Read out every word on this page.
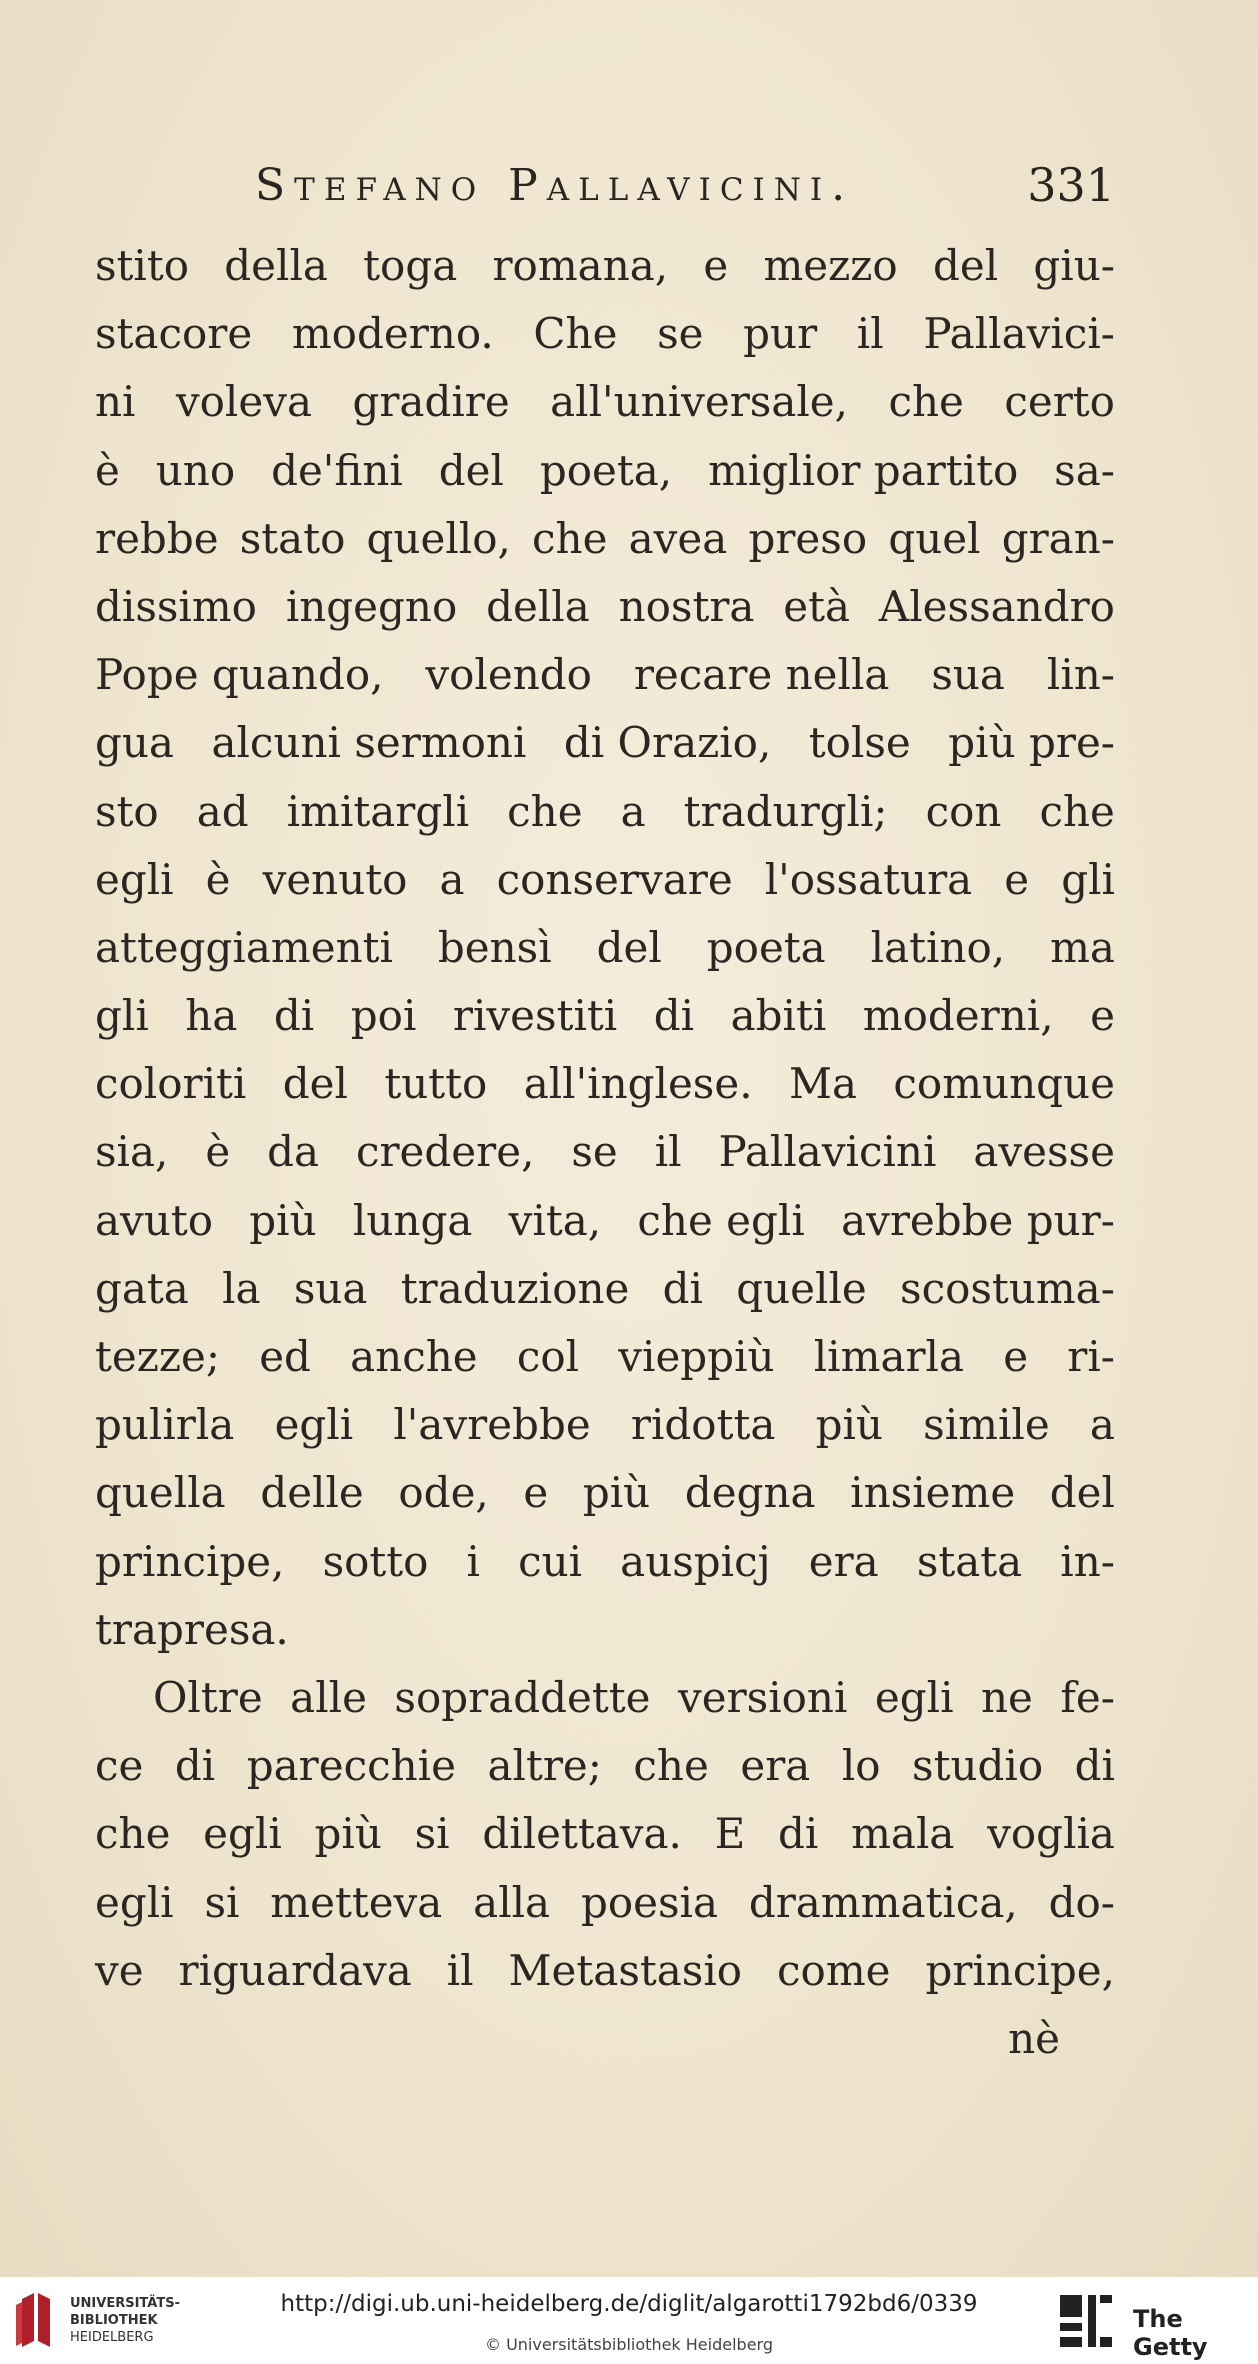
Stefano Pallavicini.	331
stito della toga romana, e mezzo del giu-
stacore moderno. Che se pur il Pallavici-
ni voleva gradire all'universale, che certo
è uno de'fini del poeta, miglior partito sa-
rebbe stato quello, che avea preso quel gran-
dissimo ingegno della nostra età Alessandro
Pope quando, volendo recare nella sua lin-
gua alcuni sermoni di Orazio, tolse più pre-
sto ad imitargli che a tradurgli; con che
egli è venuto a conservare l'ossatura e gli
atteggiamenti bensì del poeta latino, ma
gli ha di poi rivestiti di abiti moderni, e
coloriti del tutto all'inglese. Ma comunque
sia, è da credere, se il Pallavicini avesse
avuto più lunga vita, che egli avrebbe pur-
gata la sua traduzione di quelle scostuma-
tezze; ed anche col vieppiù limarla e ri-
pulirla egli l'avrebbe ridotta più simile a
quella delle ode, e più degna insieme del
principe, sotto i cui auspicj era stata in-
trapresa.
Oltre alle sopraddette versioni egli ne fe-
ce di parecchie altre; che era lo studio di
che egli più si dilettava. E di mala voglia
egli si metteva alla poesia drammatica, do-
ve riguardava il Metastasio come principe,
nè
UNIVERSITÄTS-
BIBLIOTHEK
HEIDELBERG
http://digi.ub.uni-heidelberg.de/diglit/algarotti1792bd6/0339
© Universitätsbibliothek Heidelberg
The Getty
